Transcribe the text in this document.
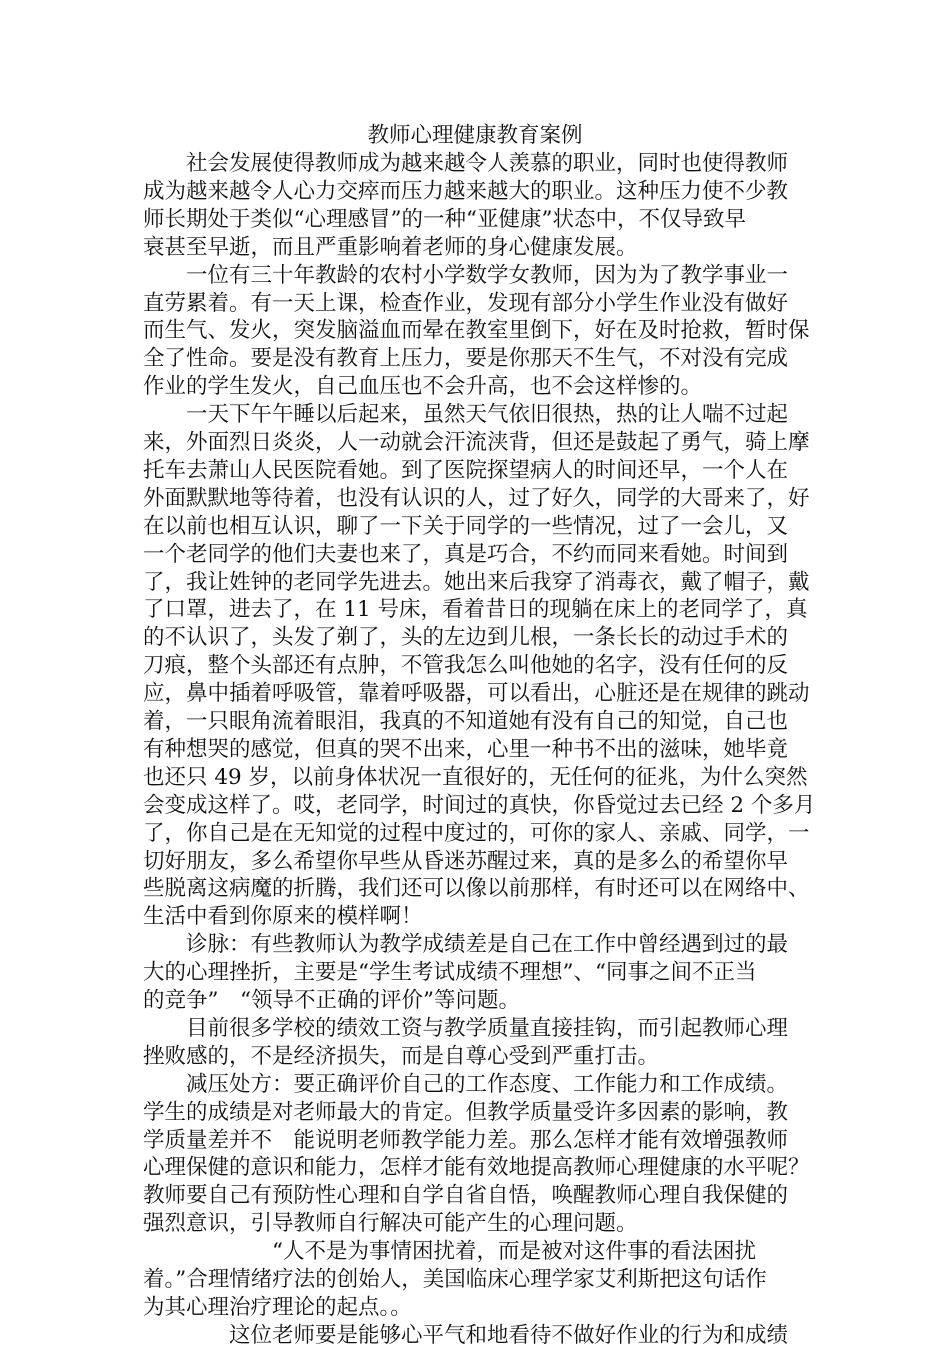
教师心理健康教育案例
　　社会发展使得教师成为越来越令人羡慕的职业，同时也使得教师
成为越来越令人心力交瘁而压力越来越大的职业。这种压力使不少教
师长期处于类似“心理感冒”的一种“亚健康”状态中，不仅导致早
衰甚至早逝，而且严重影响着老师的身心健康发展。
　　一位有三十年教龄的农村小学数学女教师，因为为了教学事业一
直劳累着。有一天上课，检查作业，发现有部分小学生作业没有做好
而生气、发火，突发脑溢血而晕在教室里倒下，好在及时抢救，暂时保
全了性命。要是没有教育上压力，要是你那天不生气，不对没有完成
作业的学生发火，自己血压也不会升高，也不会这样惨的。
　　一天下午午睡以后起来，虽然天气依旧很热，热的让人喘不过起
来，外面烈日炎炎，人一动就会汗流浃背，但还是鼓起了勇气，骑上摩
托车去萧山人民医院看她。到了医院探望病人的时间还早，一个人在
外面默默地等待着，也没有认识的人，过了好久，同学的大哥来了，好
在以前也相互认识，聊了一下关于同学的一些情况，过了一会儿，又
一个老同学的他们夫妻也来了，真是巧合，不约而同来看她。时间到
了，我让姓钟的老同学先进去。她出来后我穿了消毒衣，戴了帽子，戴
了口罩，进去了，在 11 号床，看着昔日的现躺在床上的老同学了，真
的不认识了，头发了剃了，头的左边到儿根，一条长长的动过手术的
刀痕，整个头部还有点肿，不管我怎么叫他她的名字，没有任何的反
应，鼻中插着呼吸管，靠着呼吸器，可以看出，心脏还是在规律的跳动
着，一只眼角流着眼泪，我真的不知道她有没有自己的知觉，自己也
有种想哭的感觉，但真的哭不出来，心里一种书不出的滋味，她毕竟
也还只 49 岁，以前身体状况一直很好的，无任何的征兆，为什么突然
会变成这样了。哎，老同学，时间过的真快，你昏觉过去已经 2 个多月
了，你自己是在无知觉的过程中度过的，可你的家人、亲戚、同学，一
切好朋友，多么希望你早些从昏迷苏醒过来，真的是多么的希望你早
些脱离这病魔的折腾，我们还可以像以前那样，有时还可以在网络中、
生活中看到你原来的模样啊！
　　诊脉：有些教师认为教学成绩差是自己在工作中曾经遇到过的最
大的心理挫折，主要是“学生考试成绩不理想”、“同事之间不正当
的竞争”　“领导不正确的评价”等问题。
　　目前很多学校的绩效工资与教学质量直接挂钩，而引起教师心理
挫败感的，不是经济损失，而是自尊心受到严重打击。
　　减压处方：要正确评价自己的工作态度、工作能力和工作成绩。
学生的成绩是对老师最大的肯定。但教学质量受许多因素的影响，教
学质量差并不　能说明老师教学能力差。那么怎样才能有效增强教师
心理保健的意识和能力，怎样才能有效地提高教师心理健康的水平呢？
教师要自己有预防性心理和自学自省自悟，唤醒教师心理自我保健的
强烈意识，引导教师自行解决可能产生的心理问题。
　　　　　　“人不是为事情困扰着，而是被对这件事的看法困扰
着。”合理情绪疗法的创始人，美国临床心理学家艾利斯把这句话作
为其心理治疗理论的起点。。
　　　　这位老师要是能够心平气和地看待不做好作业的行为和成绩
